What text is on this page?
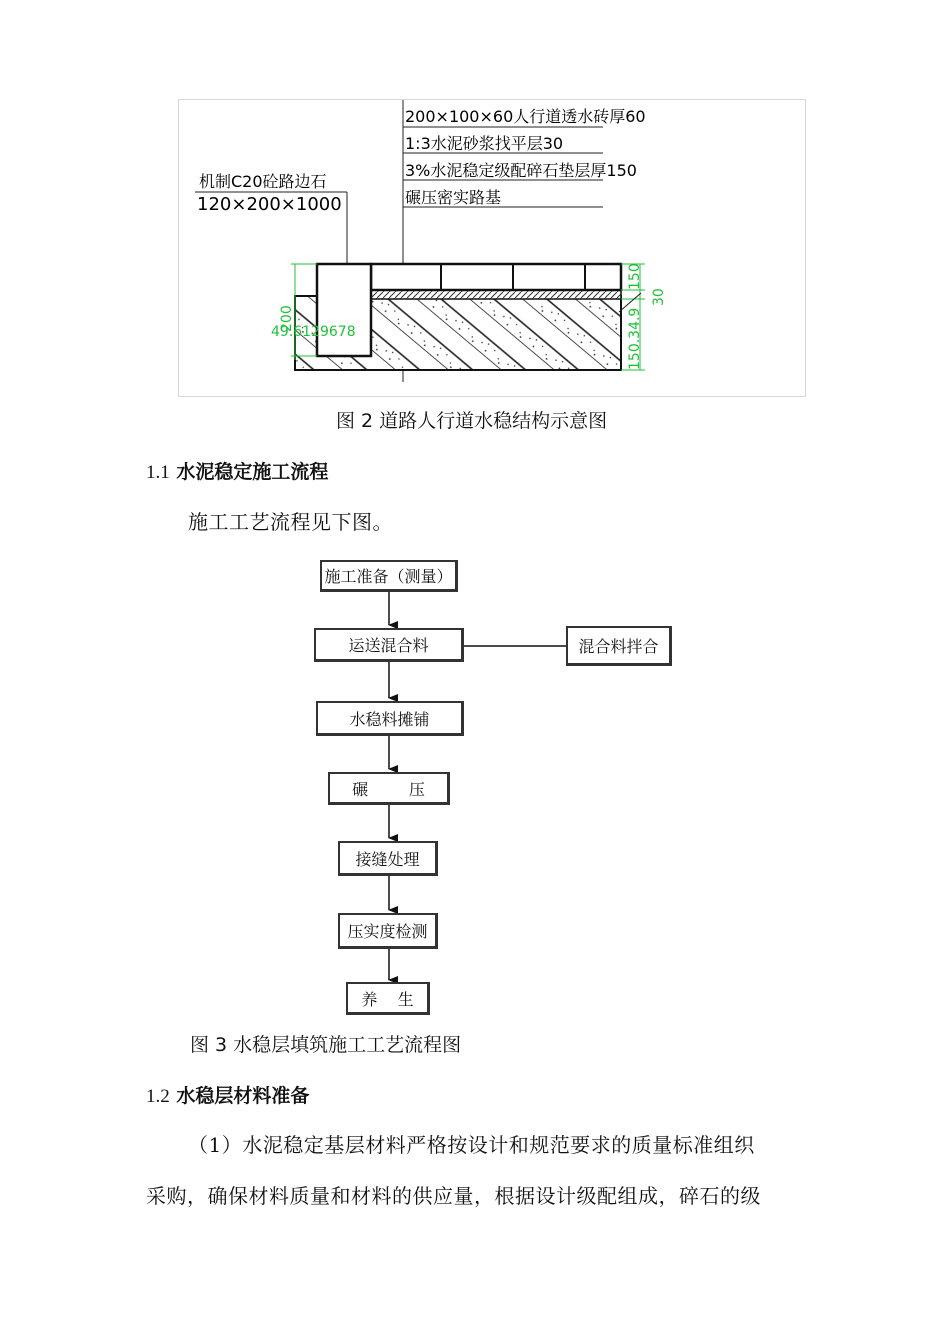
200×100×60人行道透水砖厚60
1:3水泥砂浆找平层30
3%水泥稳定级配碎石垫层厚150
碾压密实路基
机制C20砼路边石
120×200×1000
200
49.6129678
150
30
150.34.9
图 2 道路人行道水稳结构示意图
1.1 水泥稳定施工流程
施工工艺流程见下图。
施工准备（测量）
运送混合料	混合料拌合
水稳料摊铺
碾        压
接缝处理
压实度检测
养    生
图 3 水稳层填筑施工工艺流程图
1.2 水稳层材料准备
（1）水泥稳定基层材料严格按设计和规范要求的质量标准组织
采购，确保材料质量和材料的供应量，根据设计级配组成，碎石的级
